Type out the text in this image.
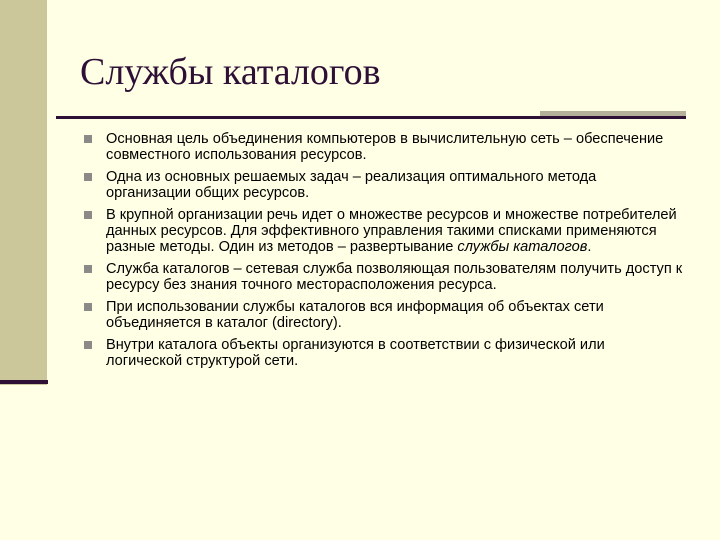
Службы каталогов
Основная цель объединения компьютеров в вычислительную сеть – обеспечение совместного использования ресурсов.
Одна из основных решаемых задач – реализация оптимального метода организации общих ресурсов.
В крупной организации речь идет о множестве ресурсов и множестве потребителей данных ресурсов. Для эффективного управления такими списками применяются разные методы. Один из методов – развертывание службы каталогов.
Служба каталогов – сетевая служба позволяющая пользователям получить доступ к ресурсу без знания точного месторасположения ресурса.
При использовании службы каталогов вся информация об объектах сети объединяется в каталог (directory).
Внутри каталога объекты организуются в соответствии с физической или логической структурой сети.
